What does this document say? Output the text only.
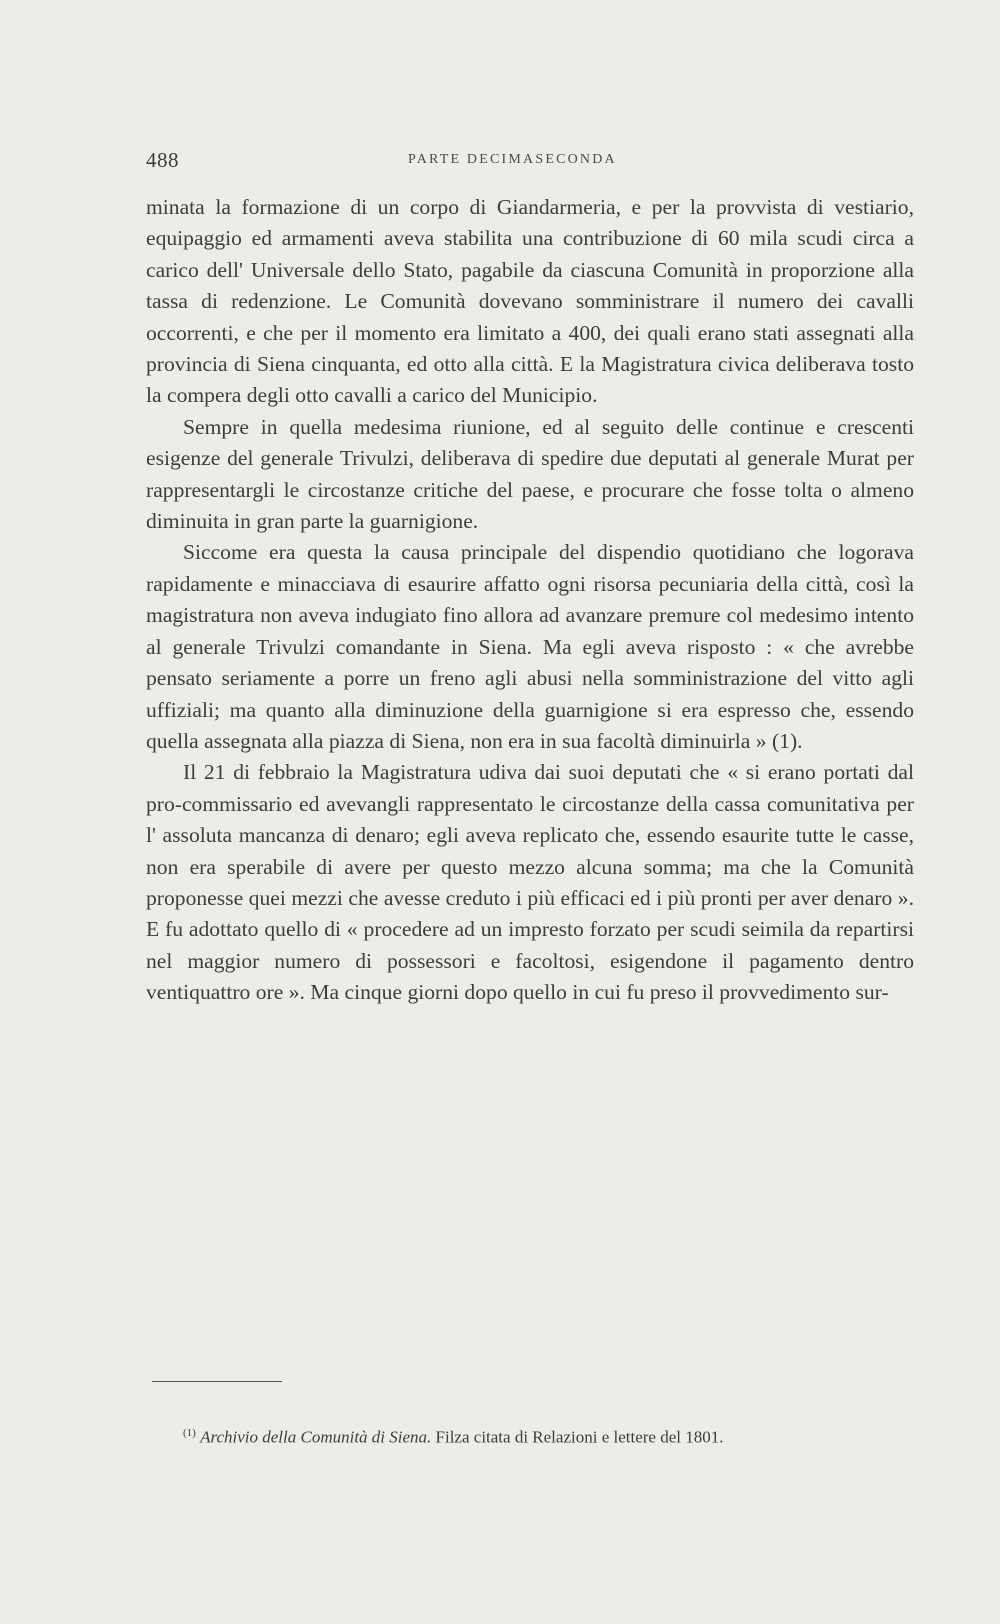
488	PARTE DECIMASECONDA

minata la formazione di un corpo di Giandarmeria, e per la provvista di vestiario, equipaggio ed armamenti aveva stabilita una contribuzione di 60 mila scudi circa a carico dell' Universale dello Stato, pagabile da ciascuna Comunità in proporzione alla tassa di redenzione. Le Comunità dovevano somministrare il numero dei cavalli occorrenti, e che per il momento era limitato a 400, dei quali erano stati assegnati alla provincia di Siena cinquanta, ed otto alla città. E la Magistratura civica deliberava tosto la compera degli otto cavalli a carico del Municipio.

Sempre in quella medesima riunione, ed al seguito delle continue e crescenti esigenze del generale Trivulzi, deliberava di spedire due deputati al generale Murat per rappresentargli le circostanze critiche del paese, e procurare che fosse tolta o almeno diminuita in gran parte la guarnigione.

Siccome era questa la causa principale del dispendio quotidiano che logorava rapidamente e minacciava di esaurire affatto ogni risorsa pecuniaria della città, così la magistratura non aveva indugiato fino allora ad avanzare premure col medesimo intento al generale Trivulzi comandante in Siena. Ma egli aveva risposto : « che avrebbe pensato seriamente a porre un freno agli abusi nella somministrazione del vitto agli uffiziali; ma quanto alla diminuzione della guarnigione si era espresso che, essendo quella assegnata alla piazza di Siena, non era in sua facoltà diminuirla » (1).

Il 21 di febbraio la Magistratura udiva dai suoi deputati che « si erano portati dal pro-commissario ed avevangli rappresentato le circostanze della cassa comunitativa per l' assoluta mancanza di denaro; egli aveva replicato che, essendo esaurite tutte le casse, non era sperabile di avere per questo mezzo alcuna somma; ma che la Comunità proponesse quei mezzi che avesse creduto i più efficaci ed i più pronti per aver denaro ». E fu adottato quello di « procedere ad un impresto forzato per scudi seimila da repartirsi nel maggior numero di possessori e facoltosi, esigendone il pagamento dentro ventiquattro ore ». Ma cinque giorni dopo quello in cui fu preso il provvedimento sur-

$^{(1)}$ Archivio della Comunità di Siena. Filza citata di Relazioni e lettere del 1801.
